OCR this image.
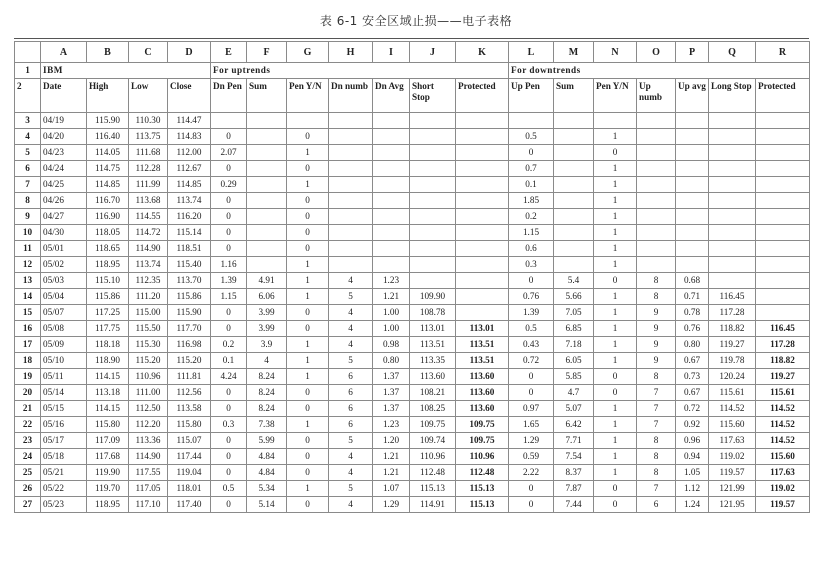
表 6-1 安全区域止损——电子表格
	A	B	C	D	E	F	G	H	I	J	K	L	M	N	O	P	Q	R
1	IBM				For uptrends							For downtrends						
2	Date	High	Low	Close	Dn Pen	Sum	Pen Y/N	Dn numb	Dn Avg	Short Stop	Protected	Up Pen	Sum	Pen Y/N	Up numb	Up avg	Long Stop	Protected
3	04/19	115.90	110.30	114.47														
4	04/20	116.40	113.75	114.83	0		0					0.5		1				
5	04/23	114.05	111.68	112.00	2.07		1					0		0				
6	04/24	114.75	112.28	112.67	0		0					0.7		1				
7	04/25	114.85	111.99	114.85	0.29		1					0.1		1				
8	04/26	116.70	113.68	113.74	0		0					1.85		1				
9	04/27	116.90	114.55	116.20	0		0					0.2		1				
10	04/30	118.05	114.72	115.14	0		0					1.15		1				
11	05/01	118.65	114.90	118.51	0		0					0.6		1				
12	05/02	118.95	113.74	115.40	1.16		1					0.3		1				
13	05/03	115.10	112.35	113.70	1.39	4.91	1	4	1.23			0	5.4	0	8	0.68		
14	05/04	115.86	111.20	115.86	1.15	6.06	1	5	1.21	109.90		0.76	5.66	1	8	0.71	116.45	
15	05/07	117.25	115.00	115.90	0	3.99	0	4	1.00	108.78		1.39	7.05	1	9	0.78	117.28	
16	05/08	117.75	115.50	117.70	0	3.99	0	4	1.00	113.01	113.01	0.5	6.85	1	9	0.76	118.82	116.45
17	05/09	118.18	115.30	116.98	0.2	3.9	1	4	0.98	113.51	113.51	0.43	7.18	1	9	0.80	119.27	117.28
18	05/10	118.90	115.20	115.20	0.1	4	1	5	0.80	113.35	113.51	0.72	6.05	1	9	0.67	119.78	118.82
19	05/11	114.15	110.96	111.81	4.24	8.24	1	6	1.37	113.60	113.60	0	5.85	0	8	0.73	120.24	119.27
20	05/14	113.18	111.00	112.56	0	8.24	0	6	1.37	108.21	113.60	0	4.7	0	7	0.67	115.61	115.61
21	05/15	114.15	112.50	113.58	0	8.24	0	6	1.37	108.25	113.60	0.97	5.07	1	7	0.72	114.52	114.52
22	05/16	115.80	112.20	115.80	0.3	7.38	1	6	1.23	109.75	109.75	1.65	6.42	1	7	0.92	115.60	114.52
23	05/17	117.09	113.36	115.07	0	5.99	0	5	1.20	109.74	109.75	1.29	7.71	1	8	0.96	117.63	114.52
24	05/18	117.68	114.90	117.44	0	4.84	0	4	1.21	110.96	110.96	0.59	7.54	1	8	0.94	119.02	115.60
25	05/21	119.90	117.55	119.04	0	4.84	0	4	1.21	112.48	112.48	2.22	8.37	1	8	1.05	119.57	117.63
26	05/22	119.70	117.05	118.01	0.5	5.34	1	5	1.07	115.13	115.13	0	7.87	0	7	1.12	121.99	119.02
27	05/23	118.95	117.10	117.40	0	5.14	0	4	1.29	114.91	115.13	0	7.44	0	6	1.24	121.95	119.57
